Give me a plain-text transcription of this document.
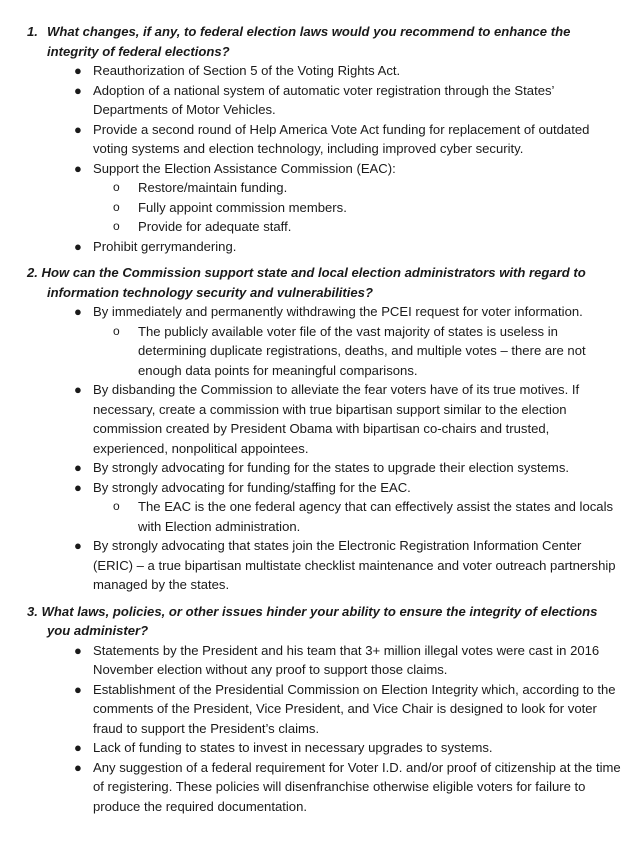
1. What changes, if any, to federal election laws would you recommend to enhance the integrity of federal elections?

● Reauthorization of Section 5 of the Voting Rights Act.
● Adoption of a national system of automatic voter registration through the States’ Departments of Motor Vehicles.
● Provide a second round of Help America Vote Act funding for replacement of outdated voting systems and election technology, including improved cyber security.
● Support the Election Assistance Commission (EAC):
o Restore/maintain funding.
o Fully appoint commission members.
o Provide for adequate staff.
● Prohibit gerrymandering.

2. How can the Commission support state and local election administrators with regard to information technology security and vulnerabilities?

● By immediately and permanently withdrawing the PCEI request for voter information.
o The publicly available voter file of the vast majority of states is useless in determining duplicate registrations, deaths, and multiple votes – there are not enough data points for meaningful comparisons.
● By disbanding the Commission to alleviate the fear voters have of its true motives. If necessary, create a commission with true bipartisan support similar to the election commission created by President Obama with bipartisan co-chairs and trusted, experienced, nonpolitical appointees.
● By strongly advocating for funding for the states to upgrade their election systems.
● By strongly advocating for funding/staffing for the EAC.
o The EAC is the one federal agency that can effectively assist the states and locals with Election administration.
● By strongly advocating that states join the Electronic Registration Information Center (ERIC) – a true bipartisan multistate checklist maintenance and voter outreach partnership managed by the states.

3. What laws, policies, or other issues hinder your ability to ensure the integrity of elections you administer?

● Statements by the President and his team that 3+ million illegal votes were cast in 2016 November election without any proof to support those claims.
● Establishment of the Presidential Commission on Election Integrity which, according to the comments of the President, Vice President, and Vice Chair is designed to look for voter fraud to support the President’s claims.
● Lack of funding to states to invest in necessary upgrades to systems.
● Any suggestion of a federal requirement for Voter I.D. and/or proof of citizenship at the time of registering. These policies will disenfranchise otherwise eligible voters for failure to produce the required documentation.
